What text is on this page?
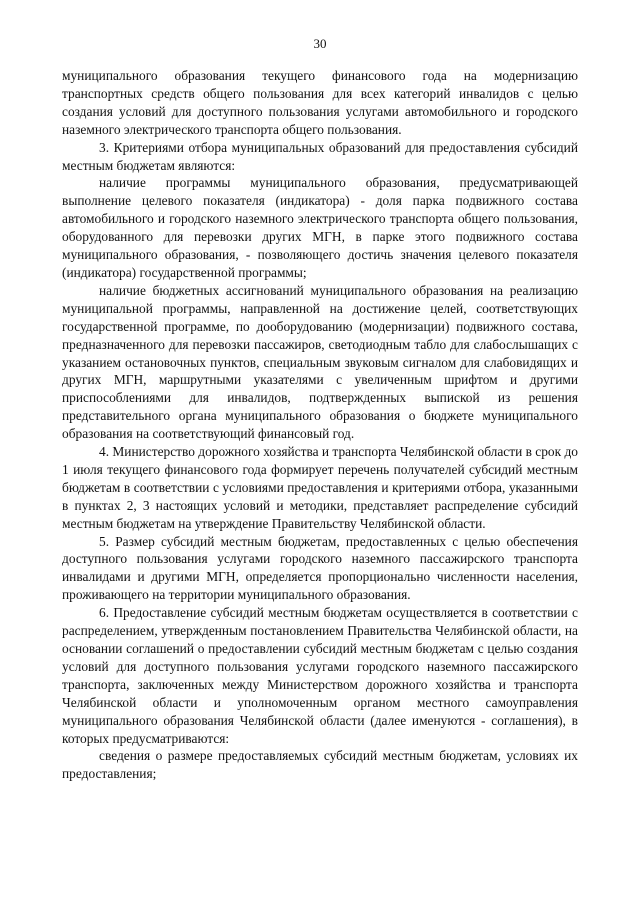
30

муниципального образования текущего финансового года на модернизацию транспортных средств общего пользования для всех категорий инвалидов с целью создания условий для доступного пользования услугами автомобильного и городского наземного электрического транспорта общего пользования.

3. Критериями отбора муниципальных образований для предоставления субсидий местным бюджетам являются:

наличие программы муниципального образования, предусматривающей выполнение целевого показателя (индикатора) - доля парка подвижного состава автомобильного и городского наземного электрического транспорта общего пользования, оборудованного для перевозки других МГН, в парке этого подвижного состава муниципального образования, - позволяющего достичь значения целевого показателя (индикатора) государственной программы;

наличие бюджетных ассигнований муниципального образования на реализацию муниципальной программы, направленной на достижение целей, соответствующих государственной программе, по дооборудованию (модернизации) подвижного состава, предназначенного для перевозки пассажиров, светодиодным табло для слабослышащих с указанием остановочных пунктов, специальным звуковым сигналом для слабовидящих и других МГН, маршрутными указателями с увеличенным шрифтом и другими приспособлениями для инвалидов, подтвержденных выпиской из решения представительного органа муниципального образования о бюджете муниципального образования на соответствующий финансовый год.

4. Министерство дорожного хозяйства и транспорта Челябинской области в срок до 1 июля текущего финансового года формирует перечень получателей субсидий местным бюджетам в соответствии с условиями предоставления и критериями отбора, указанными в пунктах 2, 3 настоящих условий и методики, представляет распределение субсидий местным бюджетам на утверждение Правительству Челябинской области.

5. Размер субсидий местным бюджетам, предоставленных с целью обеспечения доступного пользования услугами городского наземного пассажирского транспорта инвалидами и другими МГН, определяется пропорционально численности населения, проживающего на территории муниципального образования.

6. Предоставление субсидий местным бюджетам осуществляется в соответствии с распределением, утвержденным постановлением Правительства Челябинской области, на основании соглашений о предоставлении субсидий местным бюджетам с целью создания условий для доступного пользования услугами городского наземного пассажирского транспорта, заключенных между Министерством дорожного хозяйства и транспорта Челябинской области и уполномоченным органом местного самоуправления муниципального образования Челябинской области (далее именуются - соглашения), в которых предусматриваются:

сведения о размере предоставляемых субсидий местным бюджетам, условиях их предоставления;
